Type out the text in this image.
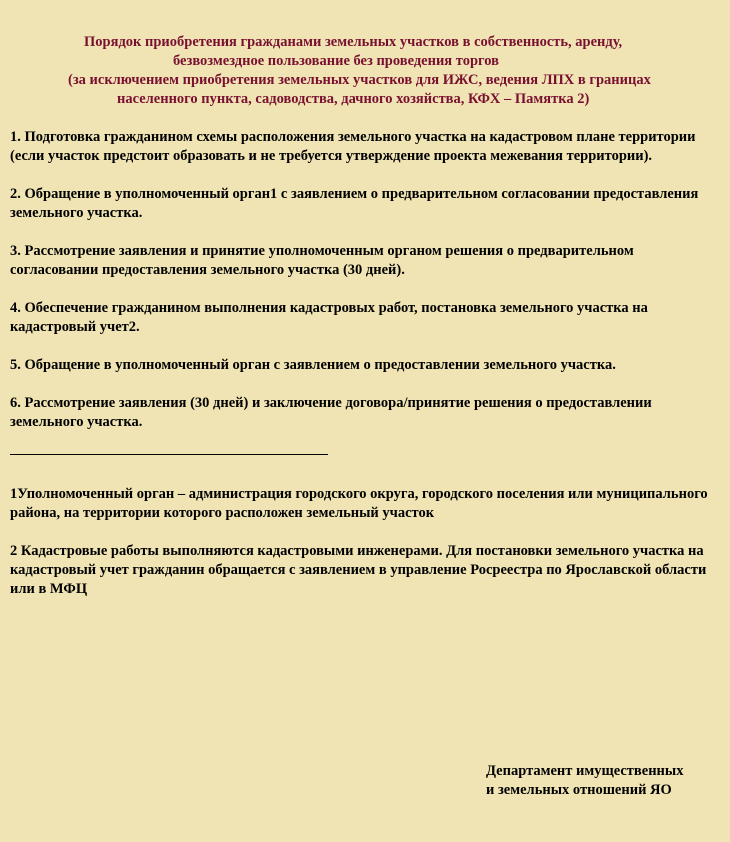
Порядок приобретения гражданами земельных участков в собственность, аренду,
безвозмездное пользование без проведения торгов
(за исключением приобретения земельных участков для ИЖС, ведения ЛПХ в границах
населенного пункта, садоводства, дачного хозяйства, КФХ – Памятка 2)

1. Подготовка гражданином схемы расположения земельного участка на кадастровом плане территории (если участок предстоит образовать и не требуется утверждение проекта межевания территории).

2. Обращение в уполномоченный орган1 с заявлением о предварительном согласовании предоставления земельного участка.

3. Рассмотрение заявления и принятие уполномоченным органом решения о предварительном согласовании предоставления земельного участка (30 дней).

4. Обеспечение гражданином выполнения кадастровых работ, постановка земельного участка на кадастровый учет2.

5. Обращение в уполномоченный орган с заявлением о предоставлении земельного участка.

6. Рассмотрение заявления (30 дней) и заключение договора/принятие решения о предоставлении земельного участка.

1Уполномоченный орган – администрация городского округа, городского поселения или муниципального района, на территории которого расположен земельный участок

2 Кадастровые работы выполняются кадастровыми инженерами. Для постановки земельного участка на кадастровый учет гражданин обращается с заявлением в управление Росреестра по Ярославской области или в МФЦ

Департамент имущественных
и земельных отношений ЯО
